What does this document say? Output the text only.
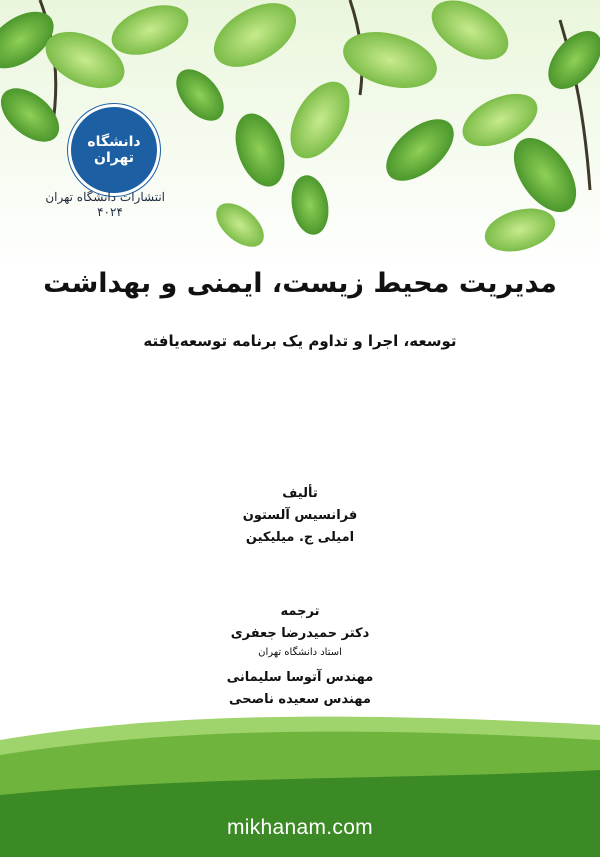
دانشگاه تهران
انتشارات دانشگاه تهران
۴۰۲۴
مدیریت محیط زیست، ایمنی و بهداشت
توسعه، اجرا و تداوم یک برنامه توسعه‌یافته
تألیف
فرانسیس آلستون
امیلی ج. میلیکین
ترجمه
دکتر حمیدرضا جعفری
استاد دانشگاه تهران
مهندس آتوسا سلیمانی
مهندس سعیده ناصحی
mikhanam.com
